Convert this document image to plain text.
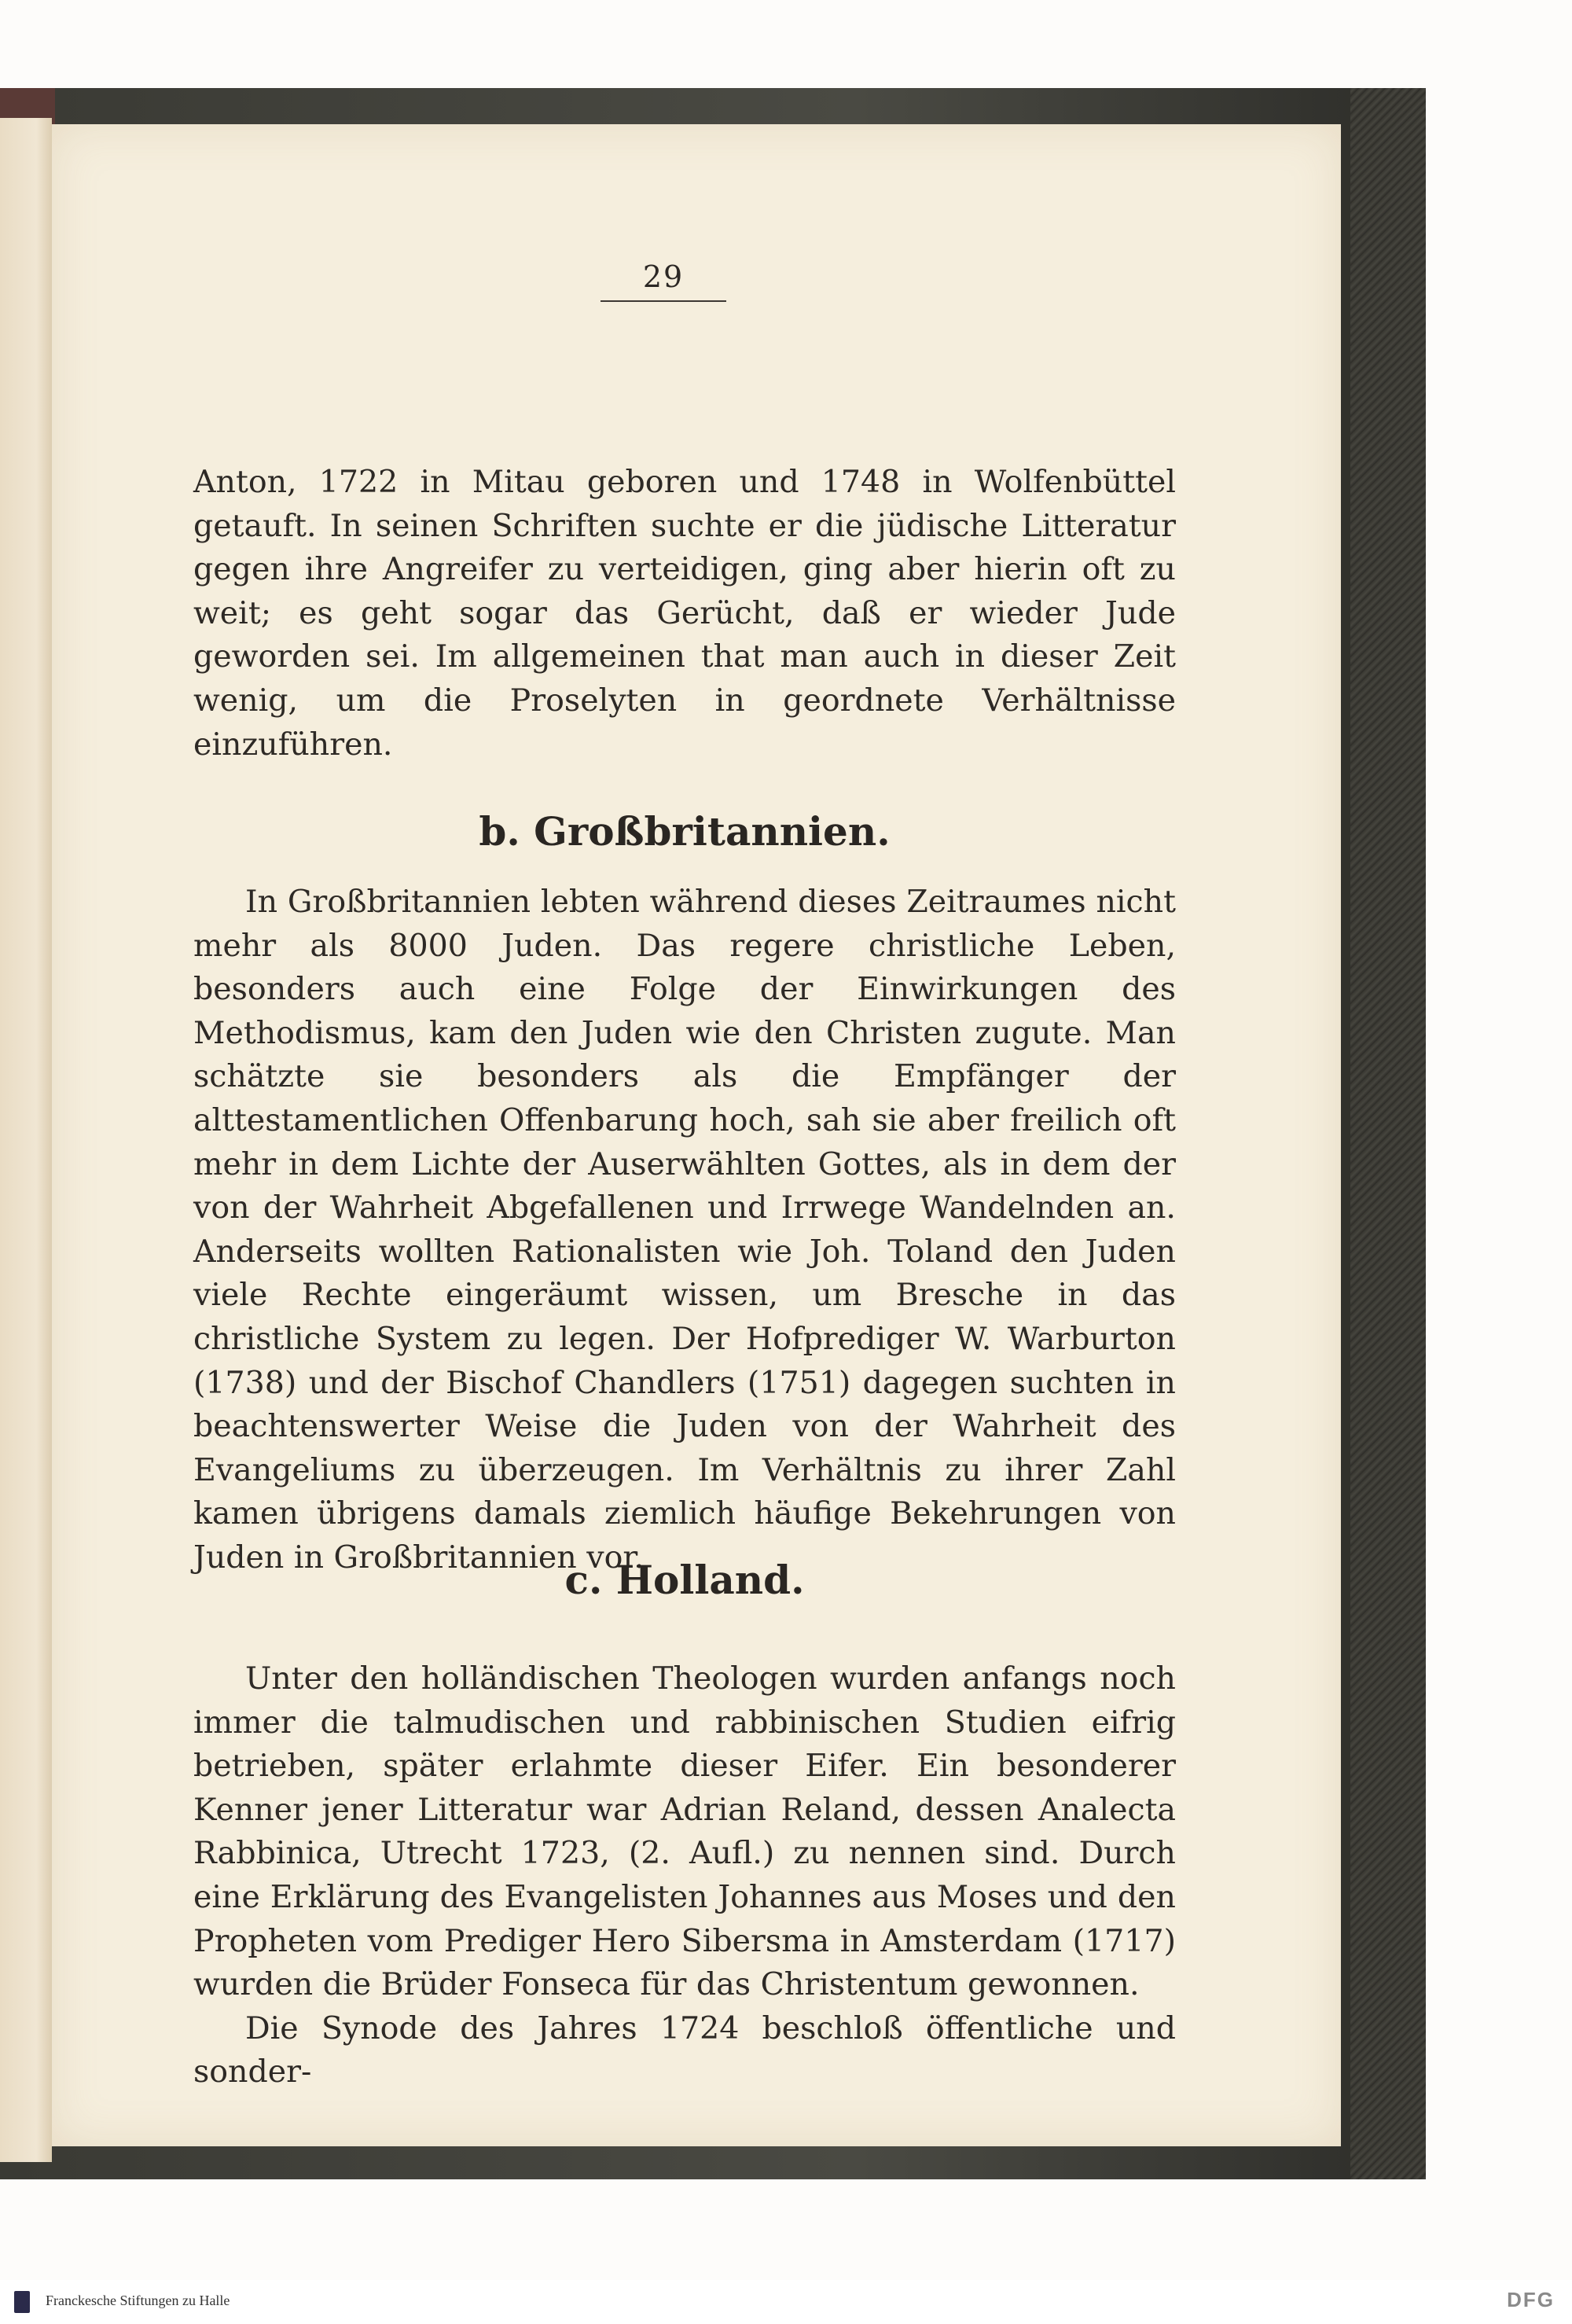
29

Anton, 1722 in Mitau geboren und 1748 in Wolfenbüttel getauft. In seinen Schriften suchte er die jüdische Litteratur gegen ihre Angreifer zu verteidigen, ging aber hierin oft zu weit; es geht sogar das Gerücht, daß er wieder Jude geworden sei. Im allgemeinen that man auch in dieser Zeit wenig, um die Proselyten in geordnete Verhältnisse einzuführen.

b. Großbritannien.

In Großbritannien lebten während dieses Zeitraumes nicht mehr als 8000 Juden. Das regere christliche Leben, besonders auch eine Folge der Einwirkungen des Methodismus, kam den Juden wie den Christen zugute. Man schätzte sie besonders als die Empfänger der alttestamentlichen Offenbarung hoch, sah sie aber freilich oft mehr in dem Lichte der Auserwählten Gottes, als in dem der von der Wahrheit Abgefallenen und Irrwege Wandelnden an. Anderseits wollten Rationalisten wie Joh. Toland den Juden viele Rechte eingeräumt wissen, um Bresche in das christliche System zu legen. Der Hofprediger W. Warburton (1738) und der Bischof Chandlers (1751) dagegen suchten in beachtenswerter Weise die Juden von der Wahrheit des Evangeliums zu überzeugen. Im Verhältnis zu ihrer Zahl kamen übrigens damals ziemlich häufige Bekehrungen von Juden in Großbritannien vor.

c. Holland.

Unter den holländischen Theologen wurden anfangs noch immer die talmudischen und rabbinischen Studien eifrig betrieben, später erlahmte dieser Eifer. Ein besonderer Kenner jener Litteratur war Adrian Reland, dessen Analecta Rabbinica, Utrecht 1723, (2. Aufl.) zu nennen sind. Durch eine Erklärung des Evangelisten Johannes aus Moses und den Propheten vom Prediger Hero Sibersma in Amsterdam (1717) wurden die Brüder Fonseca für das Christentum gewonnen.

Die Synode des Jahres 1724 beschloß öffentliche und sonder-

Franckesche Stiftungen zu Halle	DFG
